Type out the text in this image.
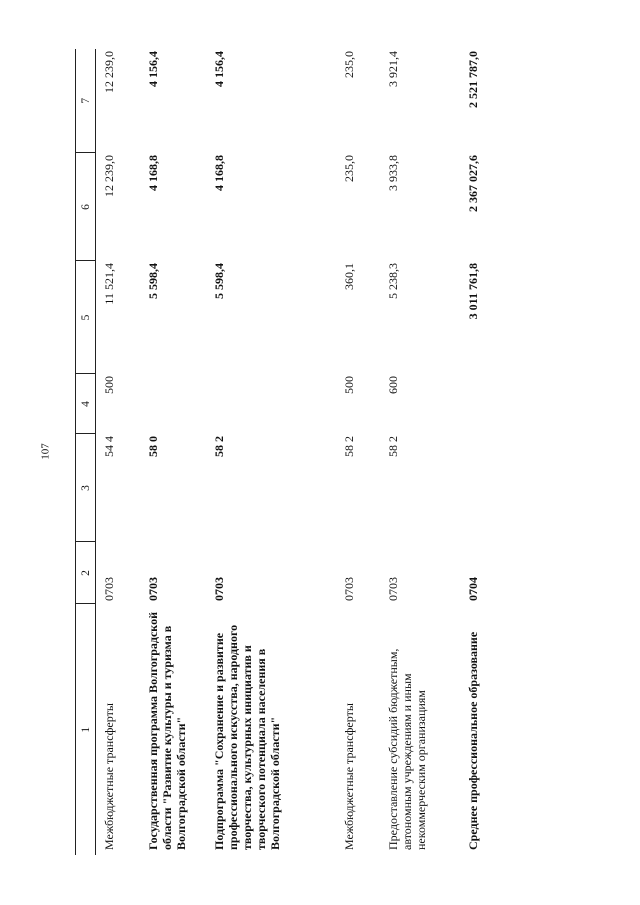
107
1	2	3	4	5	6	7
Межбюджетные трансферты	0703	54 4	500	11 521,4	12 239,0	12 239,0
Государственная программа Волгоградской области "Развитие культуры и туризма в Волгоградской области"	0703	58 0		5 598,4	4 168,8	4 156,4
Подпрограмма "Сохранение и развитие профессионального искусства, народного творчества, культурных инициатив и творческого потенциала населения в Волгоградской области"	0703	58 2		5 598,4	4 168,8	4 156,4
Межбюджетные трансферты	0703	58 2	500	360,1	235,0	235,0
Предоставление субсидий бюджетным, автономным учреждениям и иным некоммерческим организациям	0703	58 2	600	5 238,3	3 933,8	3 921,4
Среднее профессиональное образование	0704			3 011 761,8	2 367 027,6	2 521 787,0
